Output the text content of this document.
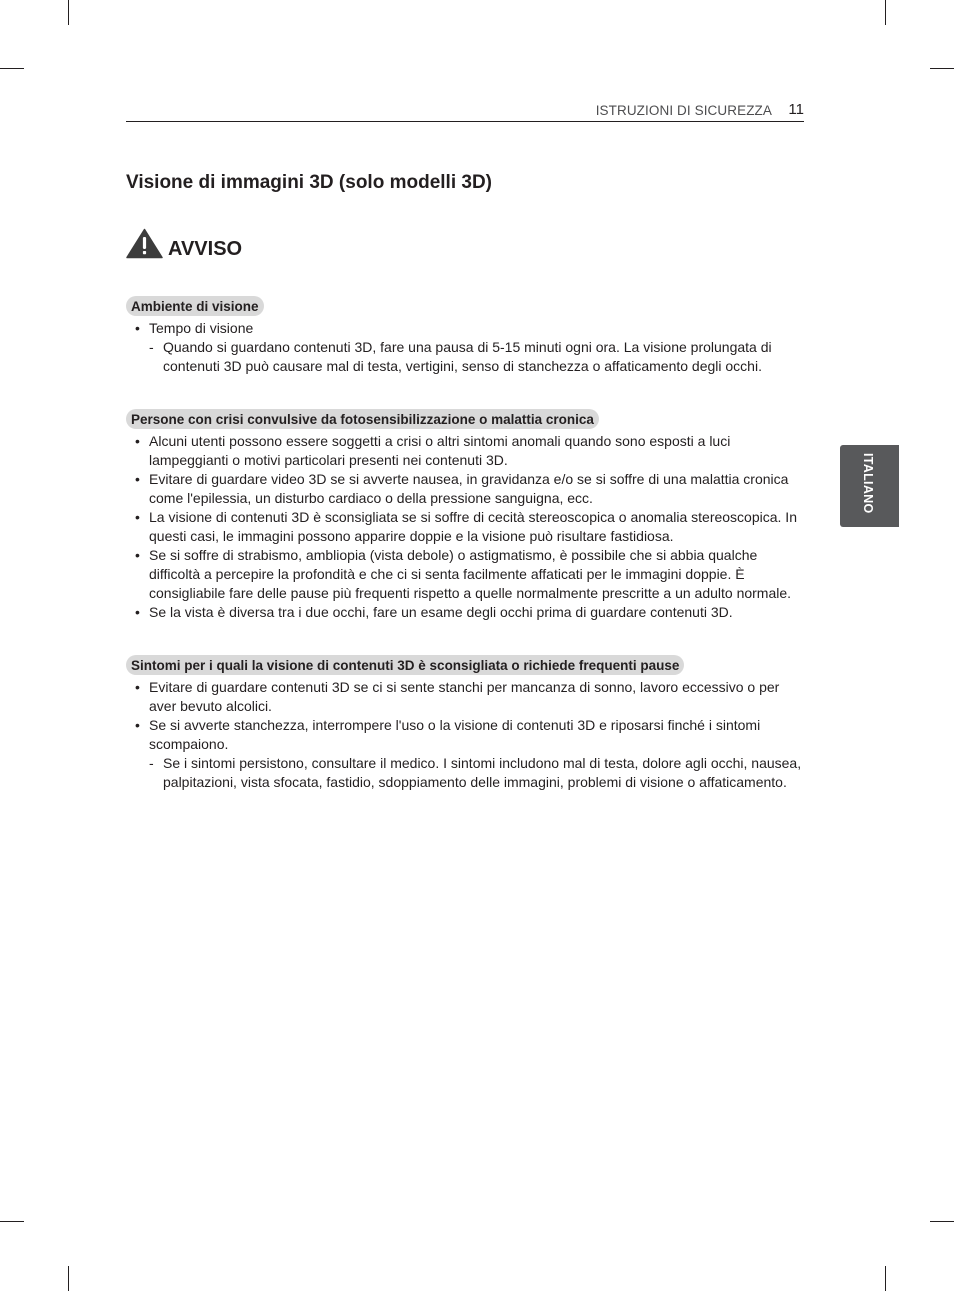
ISTRUZIONI DI SICUREZZA 11
Visione di immagini 3D (solo modelli 3D)
AVVISO
Ambiente di visione
• Tempo di visione
- Quando si guardano contenuti 3D, fare una pausa di 5-15 minuti ogni ora. La visione prolungata di contenuti 3D può causare mal di testa, vertigini, senso di stanchezza o affaticamento degli occhi.
Persone con crisi convulsive da fotosensibilizzazione o malattia cronica
• Alcuni utenti possono essere soggetti a crisi o altri sintomi anomali quando sono esposti a luci lampeggianti o motivi particolari presenti nei contenuti 3D.
• Evitare di guardare video 3D se si avverte nausea, in gravidanza e/o se si soffre di una malattia cronica come l'epilessia, un disturbo cardiaco o della pressione sanguigna, ecc.
• La visione di contenuti 3D è sconsigliata se si soffre di cecità stereoscopica o anomalia stereoscopica. In questi casi, le immagini possono apparire doppie e la visione può risultare fastidiosa.
• Se si soffre di strabismo, ambliopia (vista debole) o astigmatismo, è possibile che si abbia qualche difficoltà a percepire la profondità e che ci si senta facilmente affaticati per le immagini doppie. È consigliabile fare delle pause più frequenti rispetto a quelle normalmente prescritte a un adulto normale.
• Se la vista è diversa tra i due occhi, fare un esame degli occhi prima di guardare contenuti 3D.
Sintomi per i quali la visione di contenuti 3D è sconsigliata o richiede frequenti pause
• Evitare di guardare contenuti 3D se ci si sente stanchi per mancanza di sonno, lavoro eccessivo o per aver bevuto alcolici.
• Se si avverte stanchezza, interrompere l'uso o la visione di contenuti 3D e riposarsi finché i sintomi scompaiono.
- Se i sintomi persistono, consultare il medico. I sintomi includono mal di testa, dolore agli occhi, nausea, palpitazioni, vista sfocata, fastidio, sdoppiamento delle immagini, problemi di visione o affaticamento.
ITALIANO
